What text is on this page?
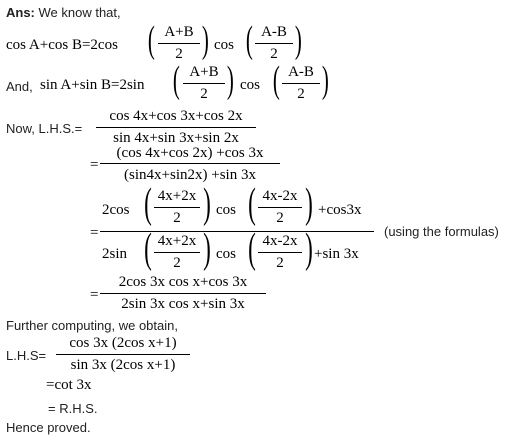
Ans: We know that,
cos A+cos B=2cos ( A+B
2 ) cos ( A-B
2 )
And, sin A+sin B=2sin ( A+B
2 ) cos ( A-B
2 )
Now, L.H.S.=
cos 4x+cos 3x+cos 2x
sin 4x+sin 3x+sin 2x
=
(cos 4x+cos 2x) +cos 3x
(sin4x+sin2x) +sin 3x
=
2cos ( 4x+2x
2 ) cos ( 4x-2x
2 ) +cos3x
2sin ( 4x+2x
2 ) cos ( 4x-2x
2 ) +sin 3x
(using the formulas)
=
2cos 3x cos x+cos 3x
2sin 3x cos x+sin 3x
Further computing, we obtain,
L.H.S=
cos 3x (2cos x+1)
sin 3x (2cos x+1)
=cot 3x
= R.H.S.
Hence proved.
